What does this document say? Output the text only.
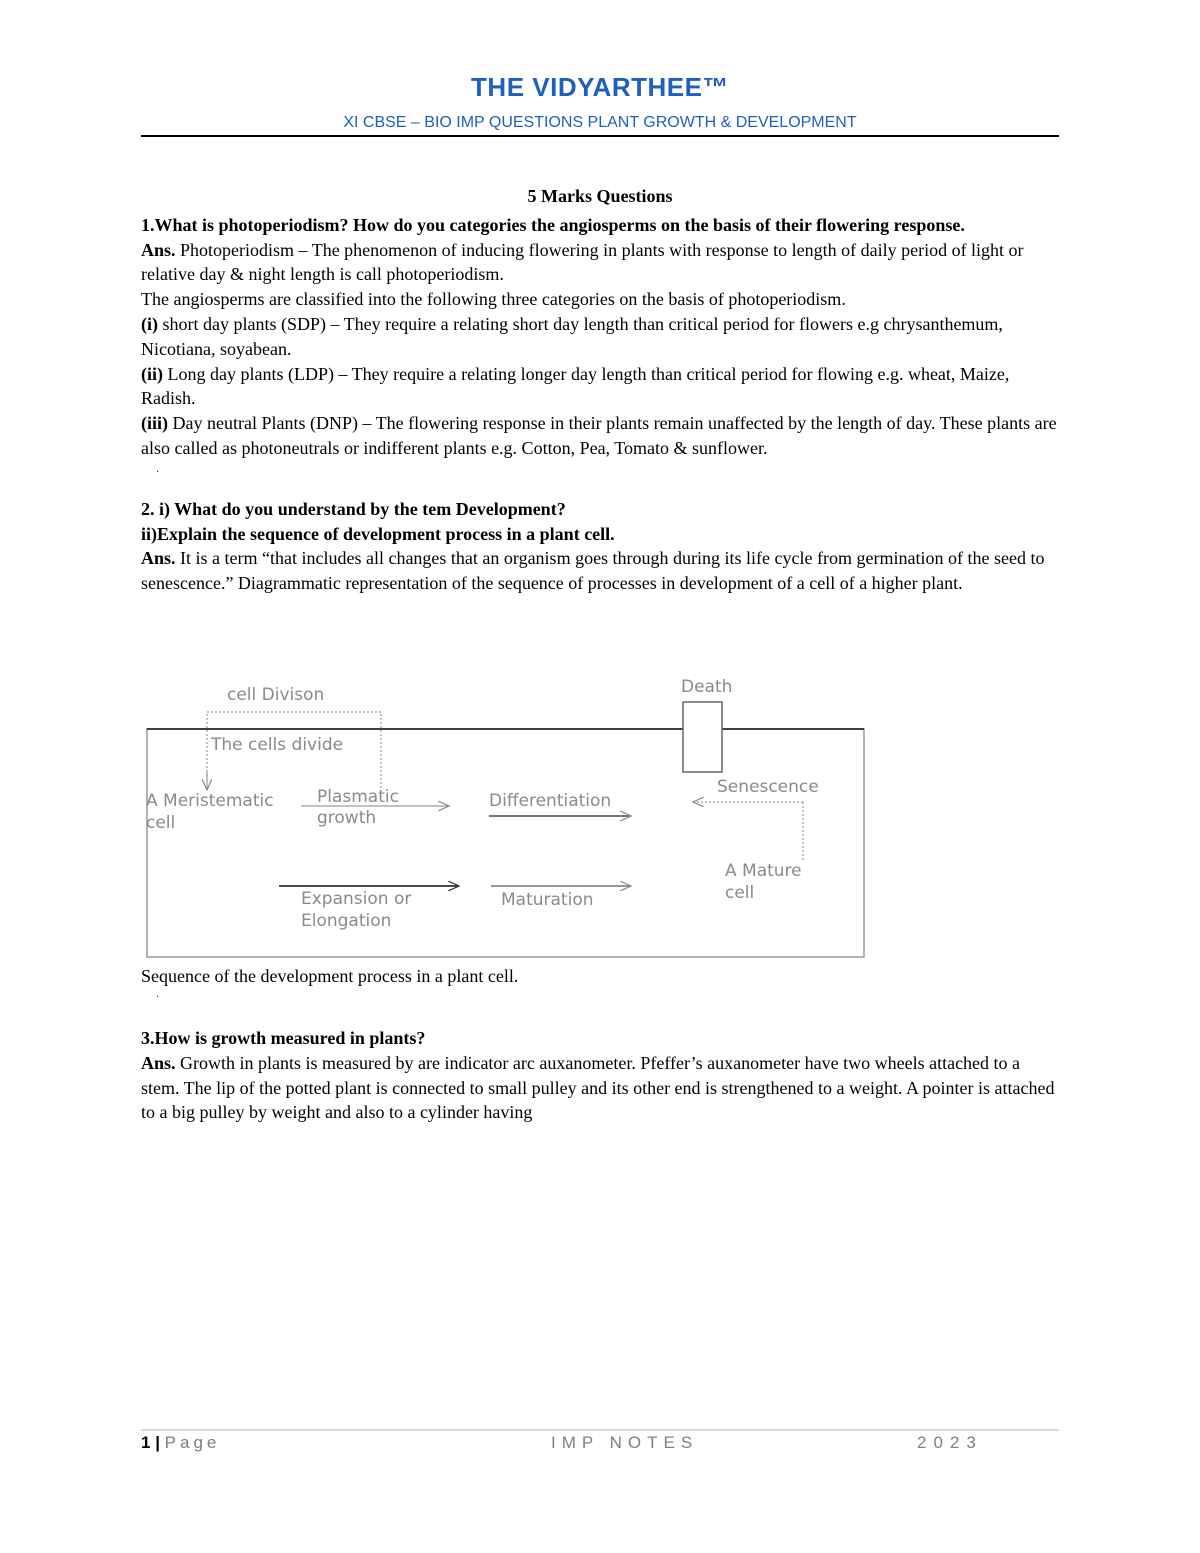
THE VIDYARTHEE™
XI CBSE – BIO IMP QUESTIONS PLANT GROWTH & DEVELOPMENT

5 Marks Questions

1.What is photoperiodism? How do you categories the angiosperms on the basis of their flowering response.

Ans. Photoperiodism – The phenomenon of inducing flowering in plants with response to length of daily period of light or relative day & night length is call photoperiodism.

The angiosperms are classified into the following three categories on the basis of photoperiodism.

(i) short day plants (SDP) – They require a relating short day length than critical period for flowers e.g chrysanthemum, Nicotiana, soyabean.

(ii) Long day plants (LDP) – They require a relating longer day length than critical period for flowing e.g. wheat, Maize, Radish.

(iii) Day neutral Plants (DNP) – The flowering response in their plants remain unaffected by the length of day. These plants are also called as photoneutrals or indifferent plants e.g. Cotton, Pea, Tomato & sunflower.

·

2. i) What do you understand by the tem Development?

ii)Explain the sequence of development process in a plant cell.

Ans. It is a term “that includes all changes that an organism goes through during its life cycle from germination of the seed to senescence.” Diagrammatic representation of the sequence of processes in development of a cell of a higher plant.

cell Divison
The cells divide
A Meristematic
cell
Plasmatic
growth
Differentiation
Death
Senescence
A Mature
cell
Expansion or
Elongation
Maturation
Sequence of the development process in a plant cell.
·

3.How is growth measured in plants?

Ans. Growth in plants is measured by are indicator arc auxanometer. Pfeffer’s auxanometer have two wheels attached to a stem. The lip of the potted plant is connected to small pulley and its other end is strengthened to a weight. A pointer is attached to a big pulley by weight and also to a cylinder having

1 | Page	IMP NOTES	2023
